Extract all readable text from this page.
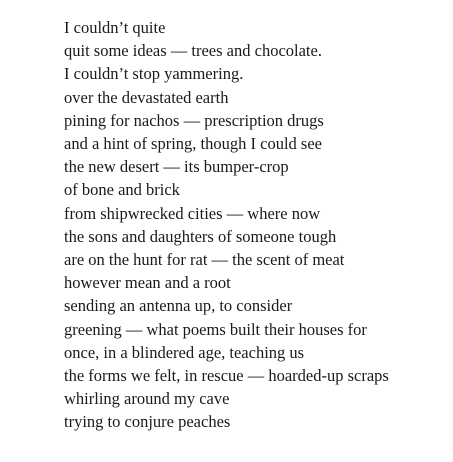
I couldn’t quite
quit some ideas — trees and chocolate.
I couldn’t stop yammering.
over the devastated earth
pining for nachos — prescription drugs
and a hint of spring, though I could see
the new desert — its bumper-crop
of bone and brick
from shipwrecked cities — where now
the sons and daughters of someone tough
are on the hunt for rat — the scent of meat
however mean and a root
sending an antenna up, to consider
greening — what poems built their houses for
once, in a blindered age, teaching us
the forms we felt, in rescue — hoarded-up scraps
whirling around my cave
trying to conjure peaches
